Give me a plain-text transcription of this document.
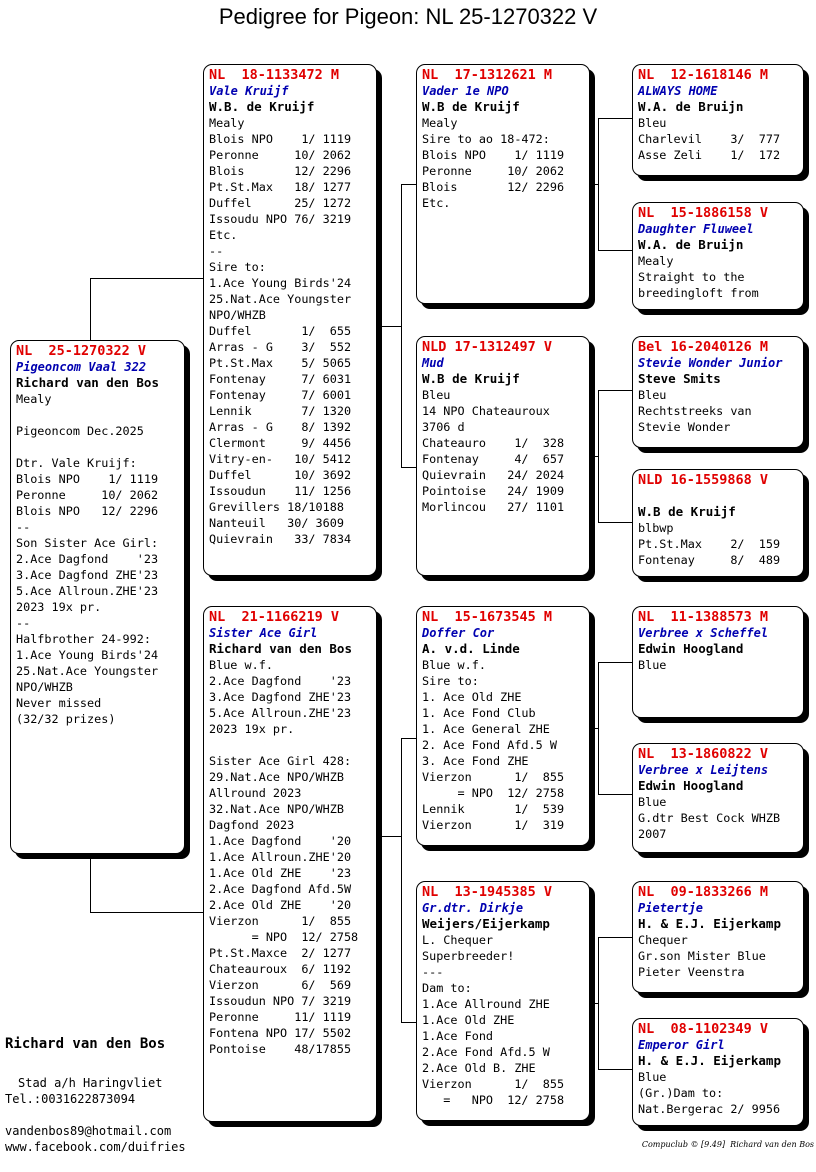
Pedigree for Pigeon: NL 25-1270322 V
NL  25-1270322 V
Pigeoncom Vaal 322
Richard van den Bos
Mealy
Pigeoncom Dec.2025
Dtr. Vale Kruijf:
Blois NPO    1/ 1119
Peronne     10/ 2062
Blois NPO   12/ 2296
--
Son Sister Ace Girl:
2.Ace Dagfond    '23
3.Ace Dagfond ZHE'23
5.Ace Allroun.ZHE'23
2023 19x pr.
--
Halfbrother 24-992:
1.Ace Young Birds'24
25.Nat.Ace Youngster
NPO/WHZB
Never missed
(32/32 prizes)
NL  18-1133472 M
Vale Kruijf
W.B. de Kruijf
Mealy
Blois NPO    1/ 1119
Peronne     10/ 2062
Blois       12/ 2296
Pt.St.Max   18/ 1277
Duffel      25/ 1272
Issoudu NPO 76/ 3219
Etc.
--
Sire to:
1.Ace Young Birds'24
25.Nat.Ace Youngster
NPO/WHZB
Duffel       1/  655
Arras - G    3/  552
Pt.St.Max    5/ 5065
Fontenay     7/ 6031
Fontenay     7/ 6001
Lennik       7/ 1320
Arras - G    8/ 1392
Clermont     9/ 4456
Vitry-en-   10/ 5412
Duffel      10/ 3692
Issoudun    11/ 1256
Grevillers 18/10188
Nanteuil   30/ 3609
Quievrain   33/ 7834
NL  21-1166219 V
Sister Ace Girl
Richard van den Bos
Blue w.f.
2.Ace Dagfond    '23
3.Ace Dagfond ZHE'23
5.Ace Allroun.ZHE'23
2023 19x pr.
Sister Ace Girl 428:
29.Nat.Ace NPO/WHZB
Allround 2023
32.Nat.Ace NPO/WHZB
Dagfond 2023
1.Ace Dagfond    '20
1.Ace Allroun.ZHE'20
1.Ace Old ZHE    '23
2.Ace Dagfond Afd.5W
2.Ace Old ZHE    '20
Vierzon      1/  855
= NPO  12/ 2758
Pt.St.Maxce  2/ 1277
Chateaurouх  6/ 1192
Vierzon      6/  569
Issoudun NPO 7/ 3219
Peronne     11/ 1119
Fontena NPO 17/ 5502
Pontoise    48/17855
NL  17-1312621 M
Vader 1e NPO
W.B de Kruijf
Mealy
Sire to ao 18-472:
Blois NPO    1/ 1119
Peronne     10/ 2062
Blois       12/ 2296
Etc.
NLD 17-1312497 V
Mud
W.B de Kruijf
Bleu
14 NPO Chateauroux
3706 d
Chateauro    1/  328
Fontenay     4/  657
Quievrain   24/ 2024
Pointoise   24/ 1909
Morlincou   27/ 1101
NL  15-1673545 M
Doffer Cor
A. v.d. Linde
Blue w.f.
Sire to:
1. Ace Old ZHE
1. Ace Fond Club
1. Ace General ZHE
2. Ace Fond Afd.5 W
3. Ace Fond ZHE
Vierzon      1/  855
= NPO  12/ 2758
Lennik       1/  539
Vierzon      1/  319
NL  13-1945385 V
Gr.dtr. Dirkje
Weijers/Eijerkamp
L. Chequer
Superbreeder!
---
Dam to:
1.Ace Allround ZHE
1.Ace Old ZHE
1.Ace Fond
2.Ace Fond Afd.5 W
2.Ace Old B. ZHE
Vierzon      1/  855
=   NPO  12/ 2758
NL  12-1618146 M
ALWAYS HOME
W.A. de Bruijn
Bleu
Charlevil    3/  777
Asse Zeli    1/  172
NL  15-1886158 V
Daughter Fluweel
W.A. de Bruijn
Mealy
Straight to the
breedingloft from
Bel 16-2040126 M
Stevie Wonder Junior
Steve Smits
Bleu
Rechtstreeks van
Stevie Wonder
NLD 16-1559868 V
W.B de Kruijf
blbwp
Pt.St.Max    2/  159
Fontenay     8/  489
NL  11-1388573 M
Verbree x Scheffel
Edwin Hoogland
Blue
NL  13-1860822 V
Verbree x Leijtens
Edwin Hoogland
Blue
G.dtr Best Cock WHZB
2007
NL  09-1833266 M
Pietertje
H. & E.J. Eijerkamp
Chequer
Gr.son Mister Blue
Pieter Veenstra
NL  08-1102349 V
Emperor Girl
H. & E.J. Eijerkamp
Blue
(Gr.)Dam to:
Nat.Bergerac 2/ 9956
Richard van den Bos
Stad a/h Haringvliet
Tel.:0031622873094
vandenbos89@hotmail.com
www.facebook.com/duifries	Compuclub © [9.49]  Richard van den Bos
